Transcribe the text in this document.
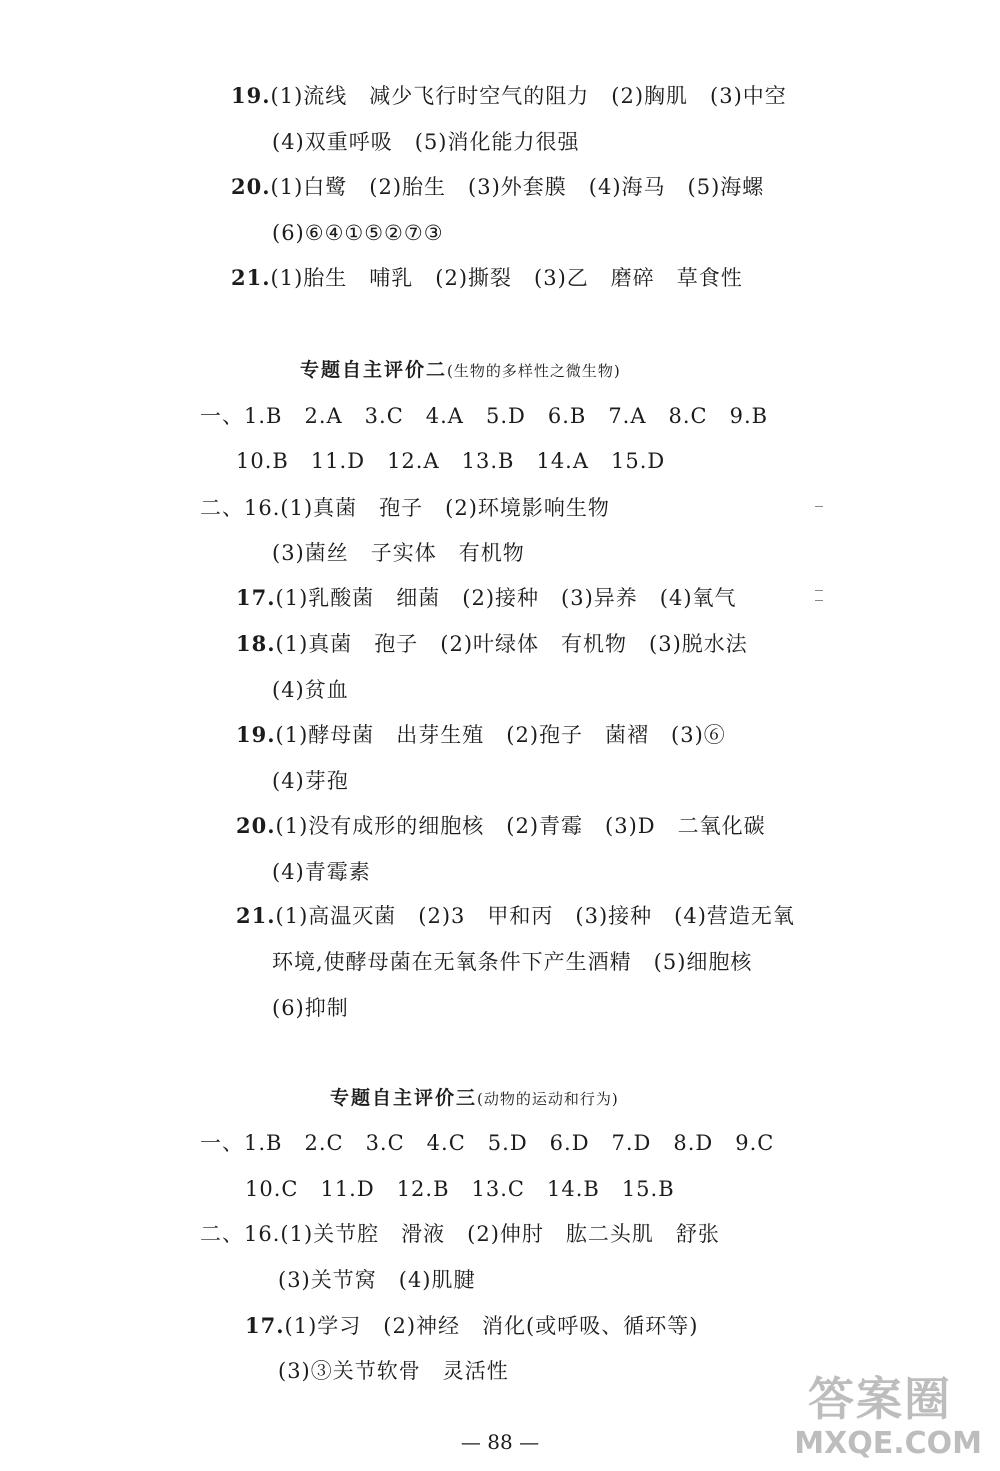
19.(1)流线　减少飞行时空气的阻力　(2)胸肌　(3)中空
(4)双重呼吸　(5)消化能力很强
20.(1)白鹭　(2)胎生　(3)外套膜　(4)海马　(5)海螺
(6)⑥④①⑤②⑦③
21.(1)胎生　哺乳　(2)撕裂　(3)乙　磨碎　草食性
专题自主评价二(生物的多样性之微生物)
一、1.B　2.A　3.C　4.A　5.D　6.B　7.A　8.C　9.B
10.B　11.D　12.A　13.B　14.A　15.D
二、16.(1)真菌　孢子　(2)环境影响生物
(3)菌丝　子实体　有机物
17.(1)乳酸菌　细菌　(2)接种　(3)异养　(4)氧气
18.(1)真菌　孢子　(2)叶绿体　有机物　(3)脱水法
(4)贫血
19.(1)酵母菌　出芽生殖　(2)孢子　菌褶　(3)⑥
(4)芽孢
20.(1)没有成形的细胞核　(2)青霉　(3)D　二氧化碳
(4)青霉素
21.(1)高温灭菌　(2)3　甲和丙　(3)接种　(4)营造无氧
环境,使酵母菌在无氧条件下产生酒精　(5)细胞核
(6)抑制
专题自主评价三(动物的运动和行为)
一、1.B　2.C　3.C　4.C　5.D　6.D　7.D　8.D　9.C
10.C　11.D　12.B　13.C　14.B　15.B
二、16.(1)关节腔　滑液　(2)伸肘　肱二头肌　舒张
(3)关节窝　(4)肌腱
17.(1)学习　(2)神经　消化(或呼吸、循环等)
(3)③关节软骨　灵活性
— 88 —
答案圈
MXQE.COM
